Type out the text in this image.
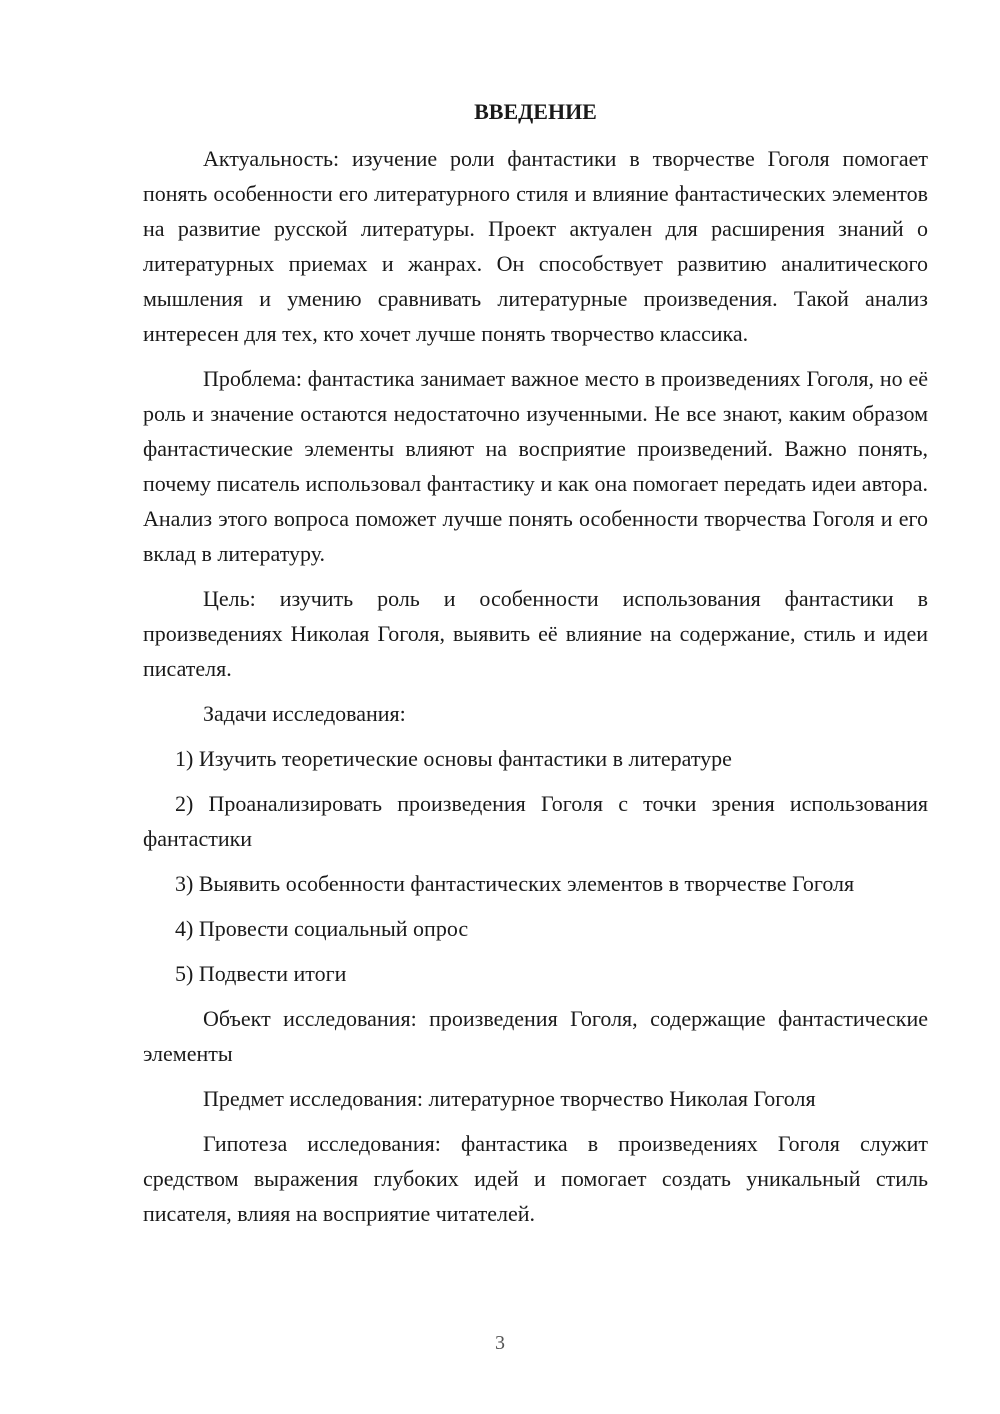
ВВЕДЕНИЕ

Актуальность: изучение роли фантастики в творчестве Гоголя помогает понять особенности его литературного стиля и влияние фантастических элементов на развитие русской литературы. Проект актуален для расширения знаний о литературных приемах и жанрах. Он способствует развитию аналитического мышления и умению сравнивать литературные произведения. Такой анализ интересен для тех, кто хочет лучше понять творчество классика.

Проблема: фантастика занимает важное место в произведениях Гоголя, но её роль и значение остаются недостаточно изученными. Не все знают, каким образом фантастические элементы влияют на восприятие произведений. Важно понять, почему писатель использовал фантастику и как она помогает передать идеи автора. Анализ этого вопроса поможет лучше понять особенности творчества Гоголя и его вклад в литературу.

Цель: изучить роль и особенности использования фантастики в произведениях Николая Гоголя, выявить её влияние на содержание, стиль и идеи писателя.

Задачи исследования:

1) Изучить теоретические основы фантастики в литературе

2) Проанализировать произведения Гоголя с точки зрения использования фантастики

3) Выявить особенности фантастических элементов в творчестве Гоголя

4) Провести социальный опрос

5) Подвести итоги

Объект исследования: произведения Гоголя, содержащие фантастические элементы

Предмет исследования: литературное творчество Николая Гоголя

Гипотеза исследования: фантастика в произведениях Гоголя служит средством выражения глубоких идей и помогает создать уникальный стиль писателя, влияя на восприятие читателей.

3
